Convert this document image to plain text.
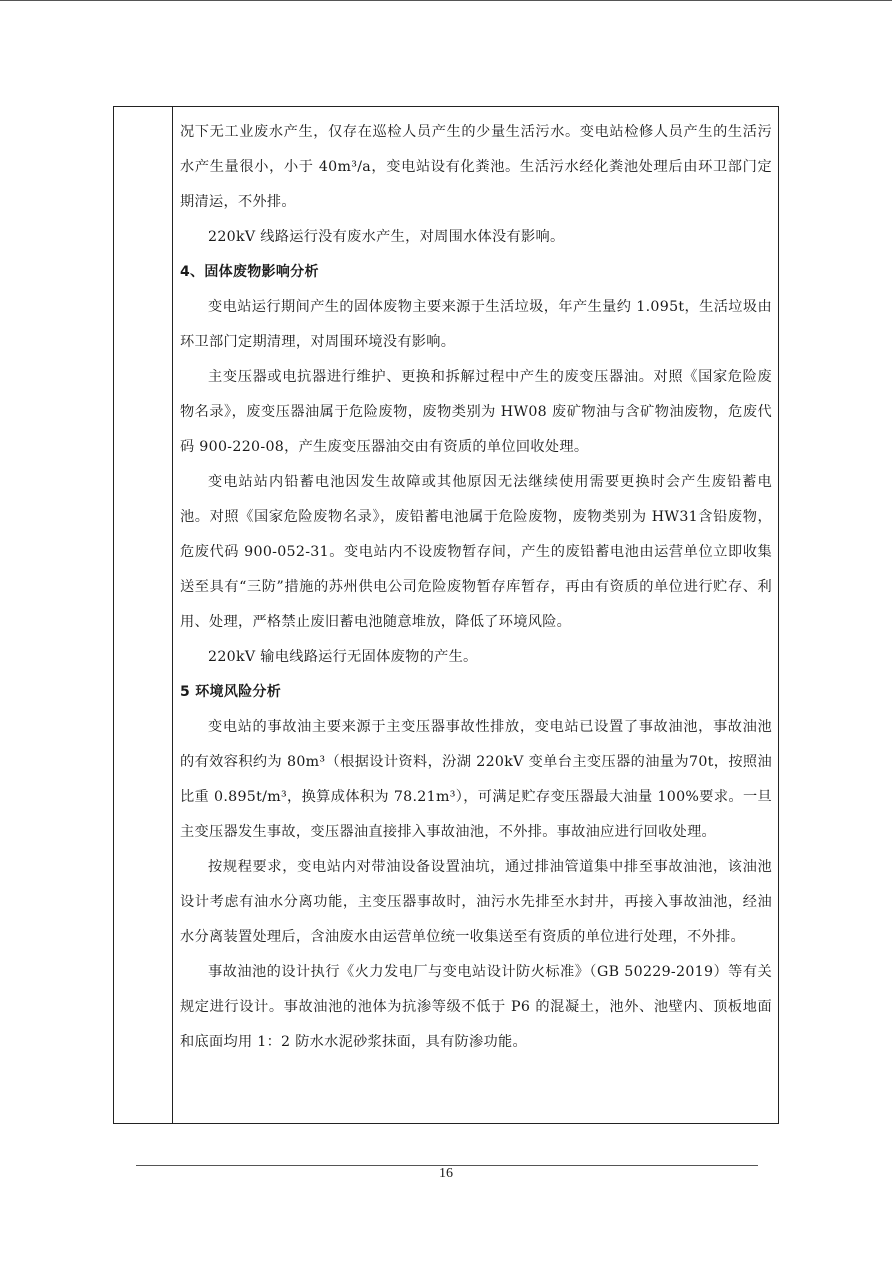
况下无工业废水产生，仅存在巡检人员产生的少量生活污水。变电站检修人员产生的生活污水产生量很小，小于 40m³/a，变电站设有化粪池。生活污水经化粪池处理后由环卫部门定期清运，不外排。

220kV 线路运行没有废水产生，对周围水体没有影响。

4、固体废物影响分析

变电站运行期间产生的固体废物主要来源于生活垃圾，年产生量约 1.095t，生活垃圾由环卫部门定期清理，对周围环境没有影响。

主变压器或电抗器进行维护、更换和拆解过程中产生的废变压器油。对照《国家危险废物名录》，废变压器油属于危险废物，废物类别为 HW08 废矿物油与含矿物油废物，危废代码 900-220-08，产生废变压器油交由有资质的单位回收处理。

变电站站内铅蓄电池因发生故障或其他原因无法继续使用需要更换时会产生废铅蓄电池。对照《国家危险废物名录》，废铅蓄电池属于危险废物，废物类别为 HW31含铅废物，危废代码 900-052-31。变电站内不设废物暂存间，产生的废铅蓄电池由运营单位立即收集送至具有“三防”措施的苏州供电公司危险废物暂存库暂存，再由有资质的单位进行贮存、利用、处理，严格禁止废旧蓄电池随意堆放，降低了环境风险。

220kV 输电线路运行无固体废物的产生。

5 环境风险分析

变电站的事故油主要来源于主变压器事故性排放，变电站已设置了事故油池，事故油池的有效容积约为 80m³（根据设计资料，汾湖 220kV 变单台主变压器的油量为70t，按照油比重 0.895t/m³，换算成体积为 78.21m³），可满足贮存变压器最大油量 100%要求。一旦主变压器发生事故，变压器油直接排入事故油池，不外排。事故油应进行回收处理。

按规程要求，变电站内对带油设备设置油坑，通过排油管道集中排至事故油池，该油池设计考虑有油水分离功能，主变压器事故时，油污水先排至水封井，再接入事故油池，经油水分离装置处理后，含油废水由运营单位统一收集送至有资质的单位进行处理，不外排。

事故油池的设计执行《火力发电厂与变电站设计防火标准》（GB 50229-2019）等有关规定进行设计。事故油池的池体为抗渗等级不低于 P6 的混凝土，池外、池壁内、顶板地面和底面均用 1：2 防水水泥砂浆抹面，具有防渗功能。

16
